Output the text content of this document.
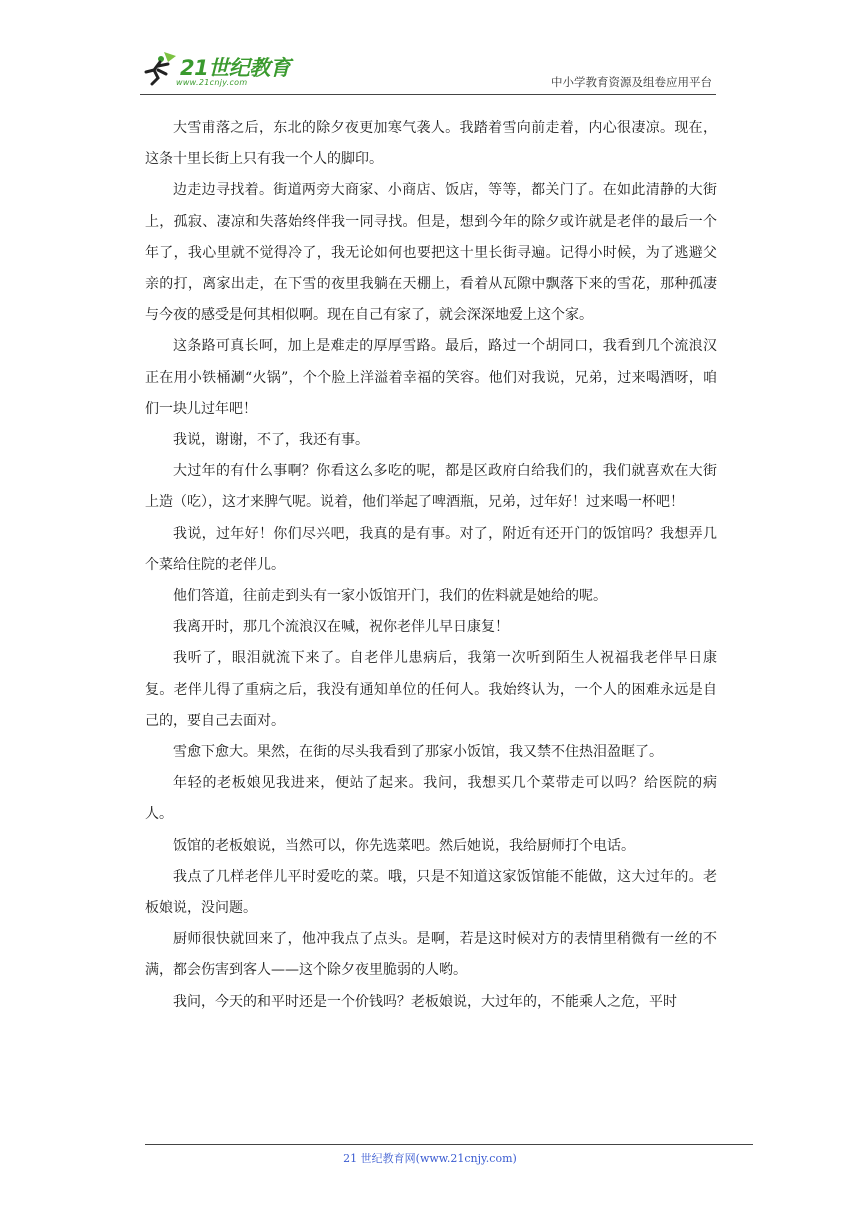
21世纪教育
www.21cnjy.com	中小学教育资源及组卷应用平台

大雪甫落之后，东北的除夕夜更加寒气袭人。我踏着雪向前走着，内心很凄凉。现在，这条十里长街上只有我一个人的脚印。

边走边寻找着。街道两旁大商家、小商店、饭店，等等，都关门了。在如此清静的大街上，孤寂、凄凉和失落始终伴我一同寻找。但是，想到今年的除夕或许就是老伴的最后一个年了，我心里就不觉得冷了，我无论如何也要把这十里长街寻遍。记得小时候，为了逃避父亲的打，离家出走，在下雪的夜里我躺在天棚上，看着从瓦隙中飘落下来的雪花，那种孤凄与今夜的感受是何其相似啊。现在自己有家了，就会深深地爱上这个家。

这条路可真长呵，加上是难走的厚厚雪路。最后，路过一个胡同口，我看到几个流浪汉正在用小铁桶涮“火锅”，个个脸上洋溢着幸福的笑容。他们对我说，兄弟，过来喝酒呀，咱们一块儿过年吧！

我说，谢谢，不了，我还有事。

大过年的有什么事啊？你看这么多吃的呢，都是区政府白给我们的，我们就喜欢在大街上造（吃），这才来脾气呢。说着，他们举起了啤酒瓶，兄弟，过年好！过来喝一杯吧！

我说，过年好！你们尽兴吧，我真的是有事。对了，附近有还开门的饭馆吗？我想弄几个菜给住院的老伴儿。

他们答道，往前走到头有一家小饭馆开门，我们的佐料就是她给的呢。

我离开时，那几个流浪汉在喊，祝你老伴儿早日康复！

我听了，眼泪就流下来了。自老伴儿患病后，我第一次听到陌生人祝福我老伴早日康复。老伴儿得了重病之后，我没有通知单位的任何人。我始终认为，一个人的困难永远是自己的，要自己去面对。

雪愈下愈大。果然，在街的尽头我看到了那家小饭馆，我又禁不住热泪盈眶了。

年轻的老板娘见我进来，便站了起来。我问，我想买几个菜带走可以吗？给医院的病人。

饭馆的老板娘说，当然可以，你先选菜吧。然后她说，我给厨师打个电话。

我点了几样老伴儿平时爱吃的菜。哦，只是不知道这家饭馆能不能做，这大过年的。老板娘说，没问题。

厨师很快就回来了，他冲我点了点头。是啊，若是这时候对方的表情里稍微有一丝的不满，都会伤害到客人——这个除夕夜里脆弱的人哟。

我问，今天的和平时还是一个价钱吗？老板娘说，大过年的，不能乘人之危，平时

21 世纪教育网(www.21cnjy.com)
